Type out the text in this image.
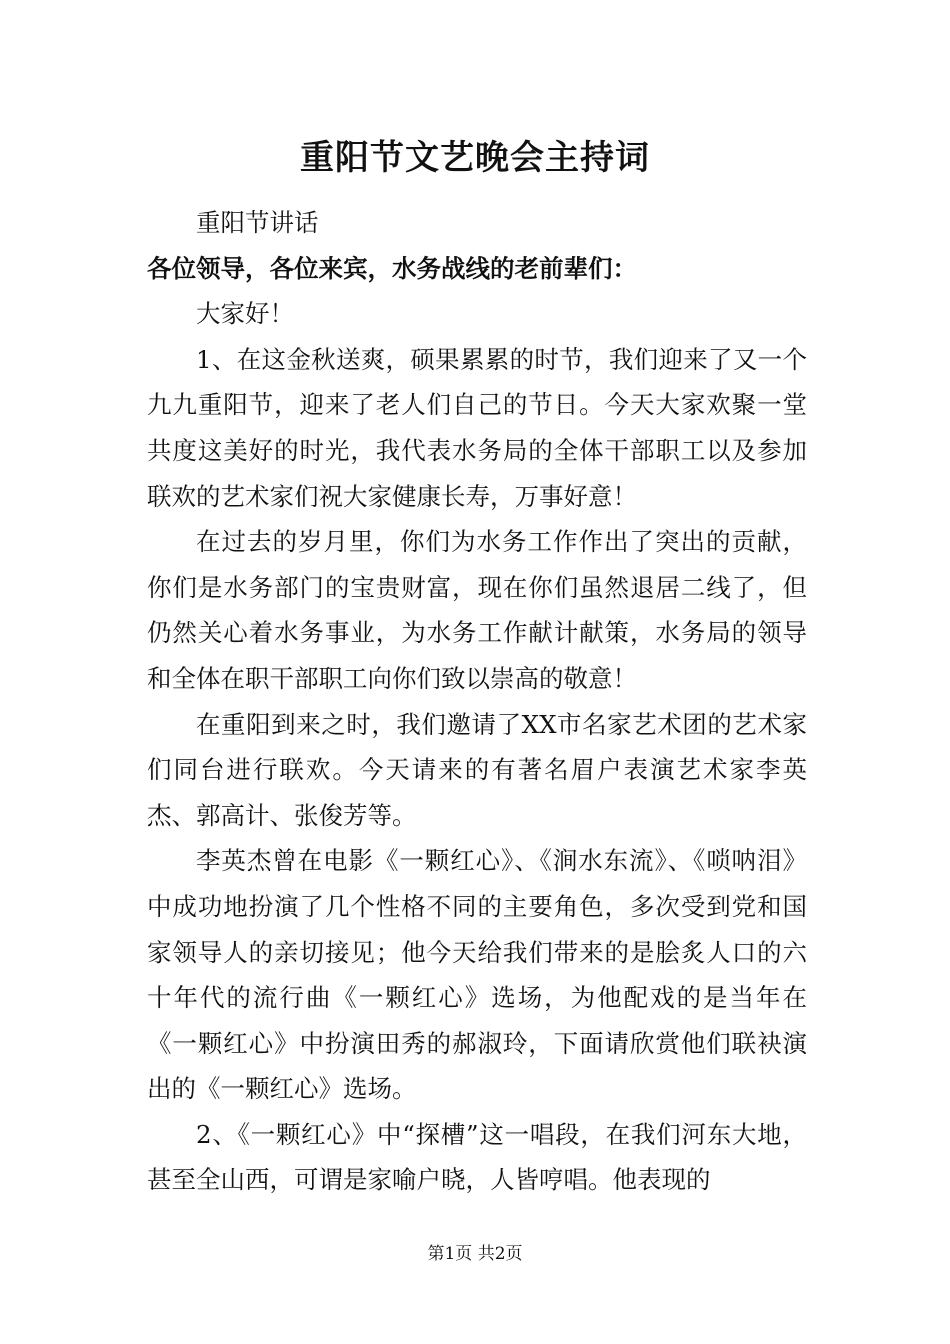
重阳节文艺晚会主持词

重阳节讲话

各位领导，各位来宾，水务战线的老前辈们：

大家好！

1、在这金秋送爽，硕果累累的时节，我们迎来了又一个九九重阳节，迎来了老人们自己的节日。今天大家欢聚一堂共度这美好的时光，我代表水务局的全体干部职工以及参加联欢的艺术家们祝大家健康长寿，万事好意！

在过去的岁月里，你们为水务工作作出了突出的贡献，你们是水务部门的宝贵财富，现在你们虽然退居二线了，但仍然关心着水务事业，为水务工作献计献策，水务局的领导和全体在职干部职工向你们致以崇高的敬意！

在重阳到来之时，我们邀请了XX市名家艺术团的艺术家们同台进行联欢。今天请来的有著名眉户表演艺术家李英杰、郭高计、张俊芳等。

李英杰曾在电影《一颗红心》、《涧水东流》、《唢呐泪》中成功地扮演了几个性格不同的主要角色，多次受到党和国家领导人的亲切接见；他今天给我们带来的是脍炙人口的六十年代的流行曲《一颗红心》选场，为他配戏的是当年在《一颗红心》中扮演田秀的郝淑玲，下面请欣赏他们联袂演出的《一颗红心》选场。

2、《一颗红心》中“探槽”这一唱段，在我们河东大地，甚至全山西，可谓是家喻户晓，人皆哼唱。他表现的

第1页 共2页
